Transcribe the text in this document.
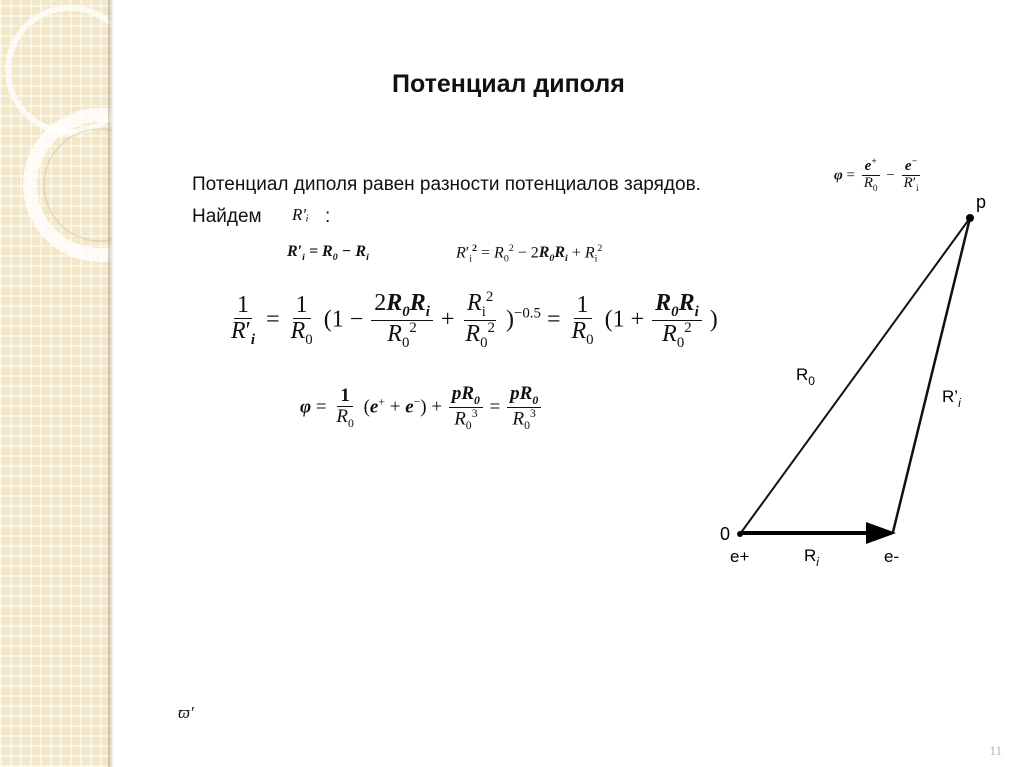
Потенциал диполя
Потенциал диполя равен разности потенциалов зарядов.	$\varphi = \frac{e^+}{R_0} - \frac{e^-}{R'_i}$
Найдем R′ᵢ :
$R'_i = R_0 - R_i$	$R'_i^2 = R_0^2 - 2R_0R_i + R_i^2$
$\frac{1}{R'_i} = \frac{1}{R_0} (1 - \frac{2R_0R_i}{R_0^2} + \frac{R_i^2}{R_0^2} )^{-0.5} = \frac{1}{R_0} (1 + \frac{R_0R_i}{R_0^2}$ )
$\varphi = \frac{1}{R_0} (e^+ + e^-) + \frac{pR_0}{R_0^3} = \frac{pR_0}{R_0^3}$
ϖ′
p
0
e+	e-
$R_0$
$R’_i$
$R_i$
11
